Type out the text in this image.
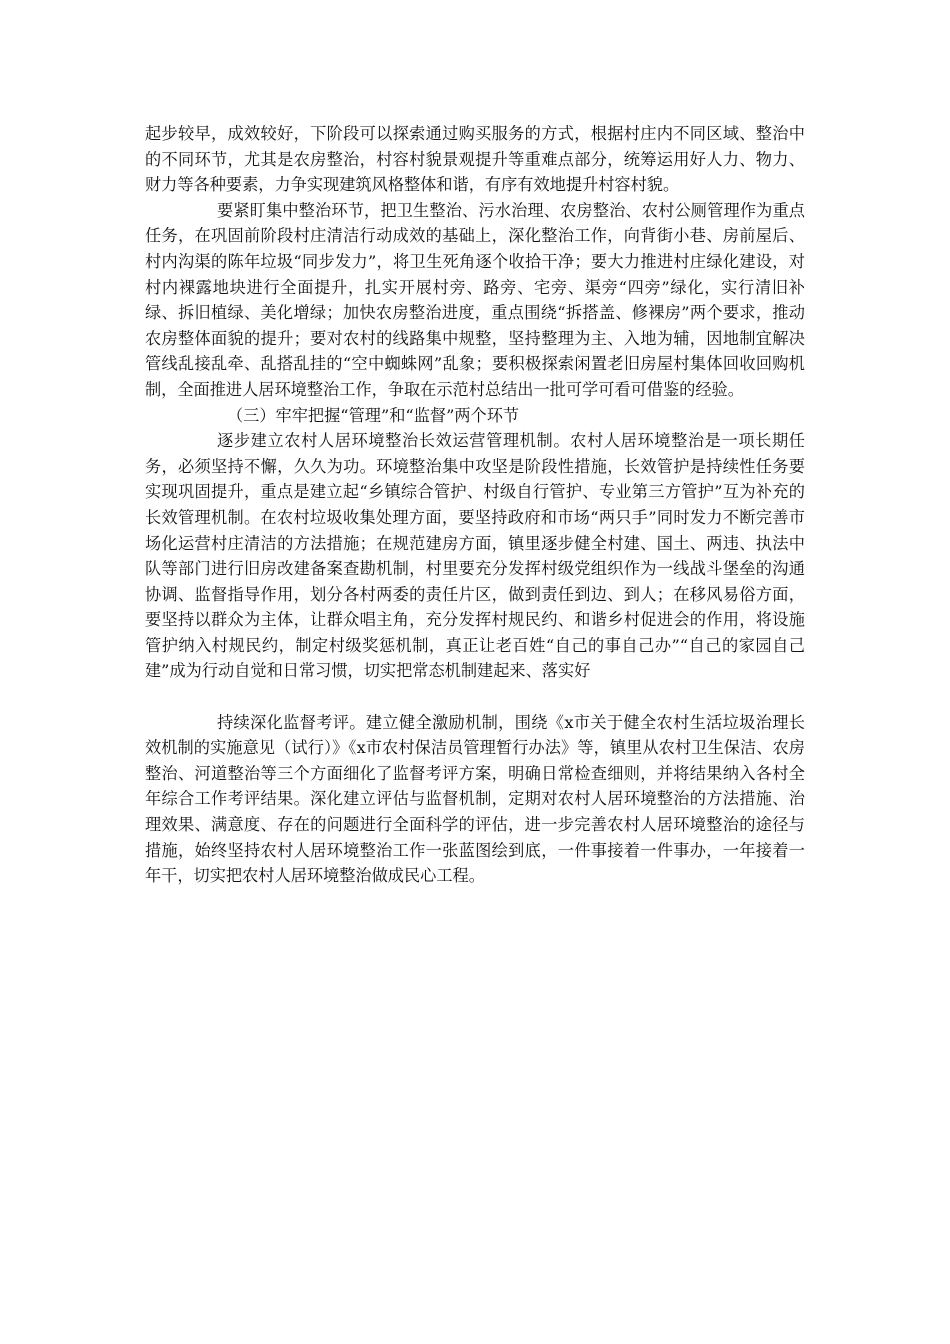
起步较早，成效较好，下阶段可以探索通过购买服务的方式，根据村庄内不同区域、整治中的不同环节，尤其是农房整治，村容村貌景观提升等重难点部分，统筹运用好人力、物力、财力等各种要素，力争实现建筑风格整体和谐，有序有效地提升村容村貌。

要紧盯集中整治环节，把卫生整治、污水治理、农房整治、农村公厕管理作为重点任务，在巩固前阶段村庄清洁行动成效的基础上，深化整治工作，向背街小巷、房前屋后、村内沟渠的陈年垃圾“同步发力”，将卫生死角逐个收拾干净；要大力推进村庄绿化建设，对村内裸露地块进行全面提升，扎实开展村旁、路旁、宅旁、渠旁“四旁”绿化，实行清旧补绿、拆旧植绿、美化增绿；加快农房整治进度，重点围绕“拆搭盖、修裸房”两个要求，推动农房整体面貌的提升；要对农村的线路集中规整，坚持整理为主、入地为辅，因地制宜解决管线乱接乱牵、乱搭乱挂的“空中蜘蛛网”乱象；要积极探索闲置老旧房屋村集体回收回购机制，全面推进人居环境整治工作，争取在示范村总结出一批可学可看可借鉴的经验。

（三）牢牢把握“管理”和“监督”两个环节

逐步建立农村人居环境整治长效运营管理机制。农村人居环境整治是一项长期任务，必须坚持不懈，久久为功。环境整治集中攻坚是阶段性措施，长效管护是持续性任务要实现巩固提升，重点是建立起“乡镇综合管护、村级自行管护、专业第三方管护”互为补充的长效管理机制。在农村垃圾收集处理方面，要坚持政府和市场“两只手”同时发力不断完善市场化运营村庄清洁的方法措施；在规范建房方面，镇里逐步健全村建、国土、两违、执法中队等部门进行旧房改建备案查勘机制，村里要充分发挥村级党组织作为一线战斗堡垒的沟通协调、监督指导作用，划分各村两委的责任片区，做到责任到边、到人；在移风易俗方面，要坚持以群众为主体，让群众唱主角，充分发挥村规民约、和谐乡村促进会的作用，将设施管护纳入村规民约，制定村级奖惩机制，真正让老百姓“自己的事自己办”“自己的家园自己建”成为行动自觉和日常习惯，切实把常态机制建起来、落实好

持续深化监督考评。建立健全激励机制，围绕《x市关于健全农村生活垃圾治理长效机制的实施意见（试行）》《x市农村保洁员管理暂行办法》等，镇里从农村卫生保洁、农房整治、河道整治等三个方面细化了监督考评方案，明确日常检查细则，并将结果纳入各村全年综合工作考评结果。深化建立评估与监督机制，定期对农村人居环境整治的方法措施、治理效果、满意度、存在的问题进行全面科学的评估，进一步完善农村人居环境整治的途径与措施，始终坚持农村人居环境整治工作一张蓝图绘到底，一件事接着一件事办，一年接着一年干，切实把农村人居环境整治做成民心工程。
